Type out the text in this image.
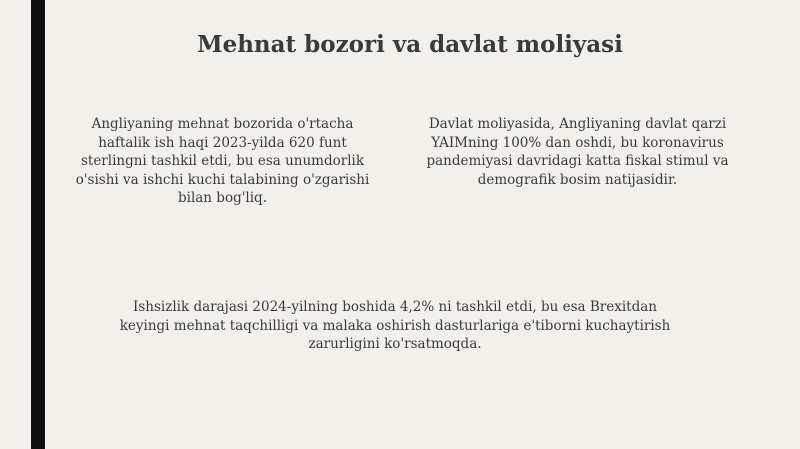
Mehnat bozori va davlat moliyasi
Angliyaning mehnat bozorida o'rtacha haftalik ish haqi 2023-yilda 620 funt sterlingni tashkil etdi, bu esa unumdorlik o'sishi va ishchi kuchi talabining o'zgarishi bilan bog'liq.
Davlat moliyasida, Angliyaning davlat qarzi YAIMning 100% dan oshdi, bu koronavirus pandemiyasi davridagi katta fiskal stimul va demografik bosim natijasidir.
Ishsizlik darajasi 2024-yilning boshida 4,2% ni tashkil etdi, bu esa Brexitdan keyingi mehnat taqchilligi va malaka oshirish dasturlariga e'tiborni kuchaytirish zarurligini ko'rsatmoqda.
